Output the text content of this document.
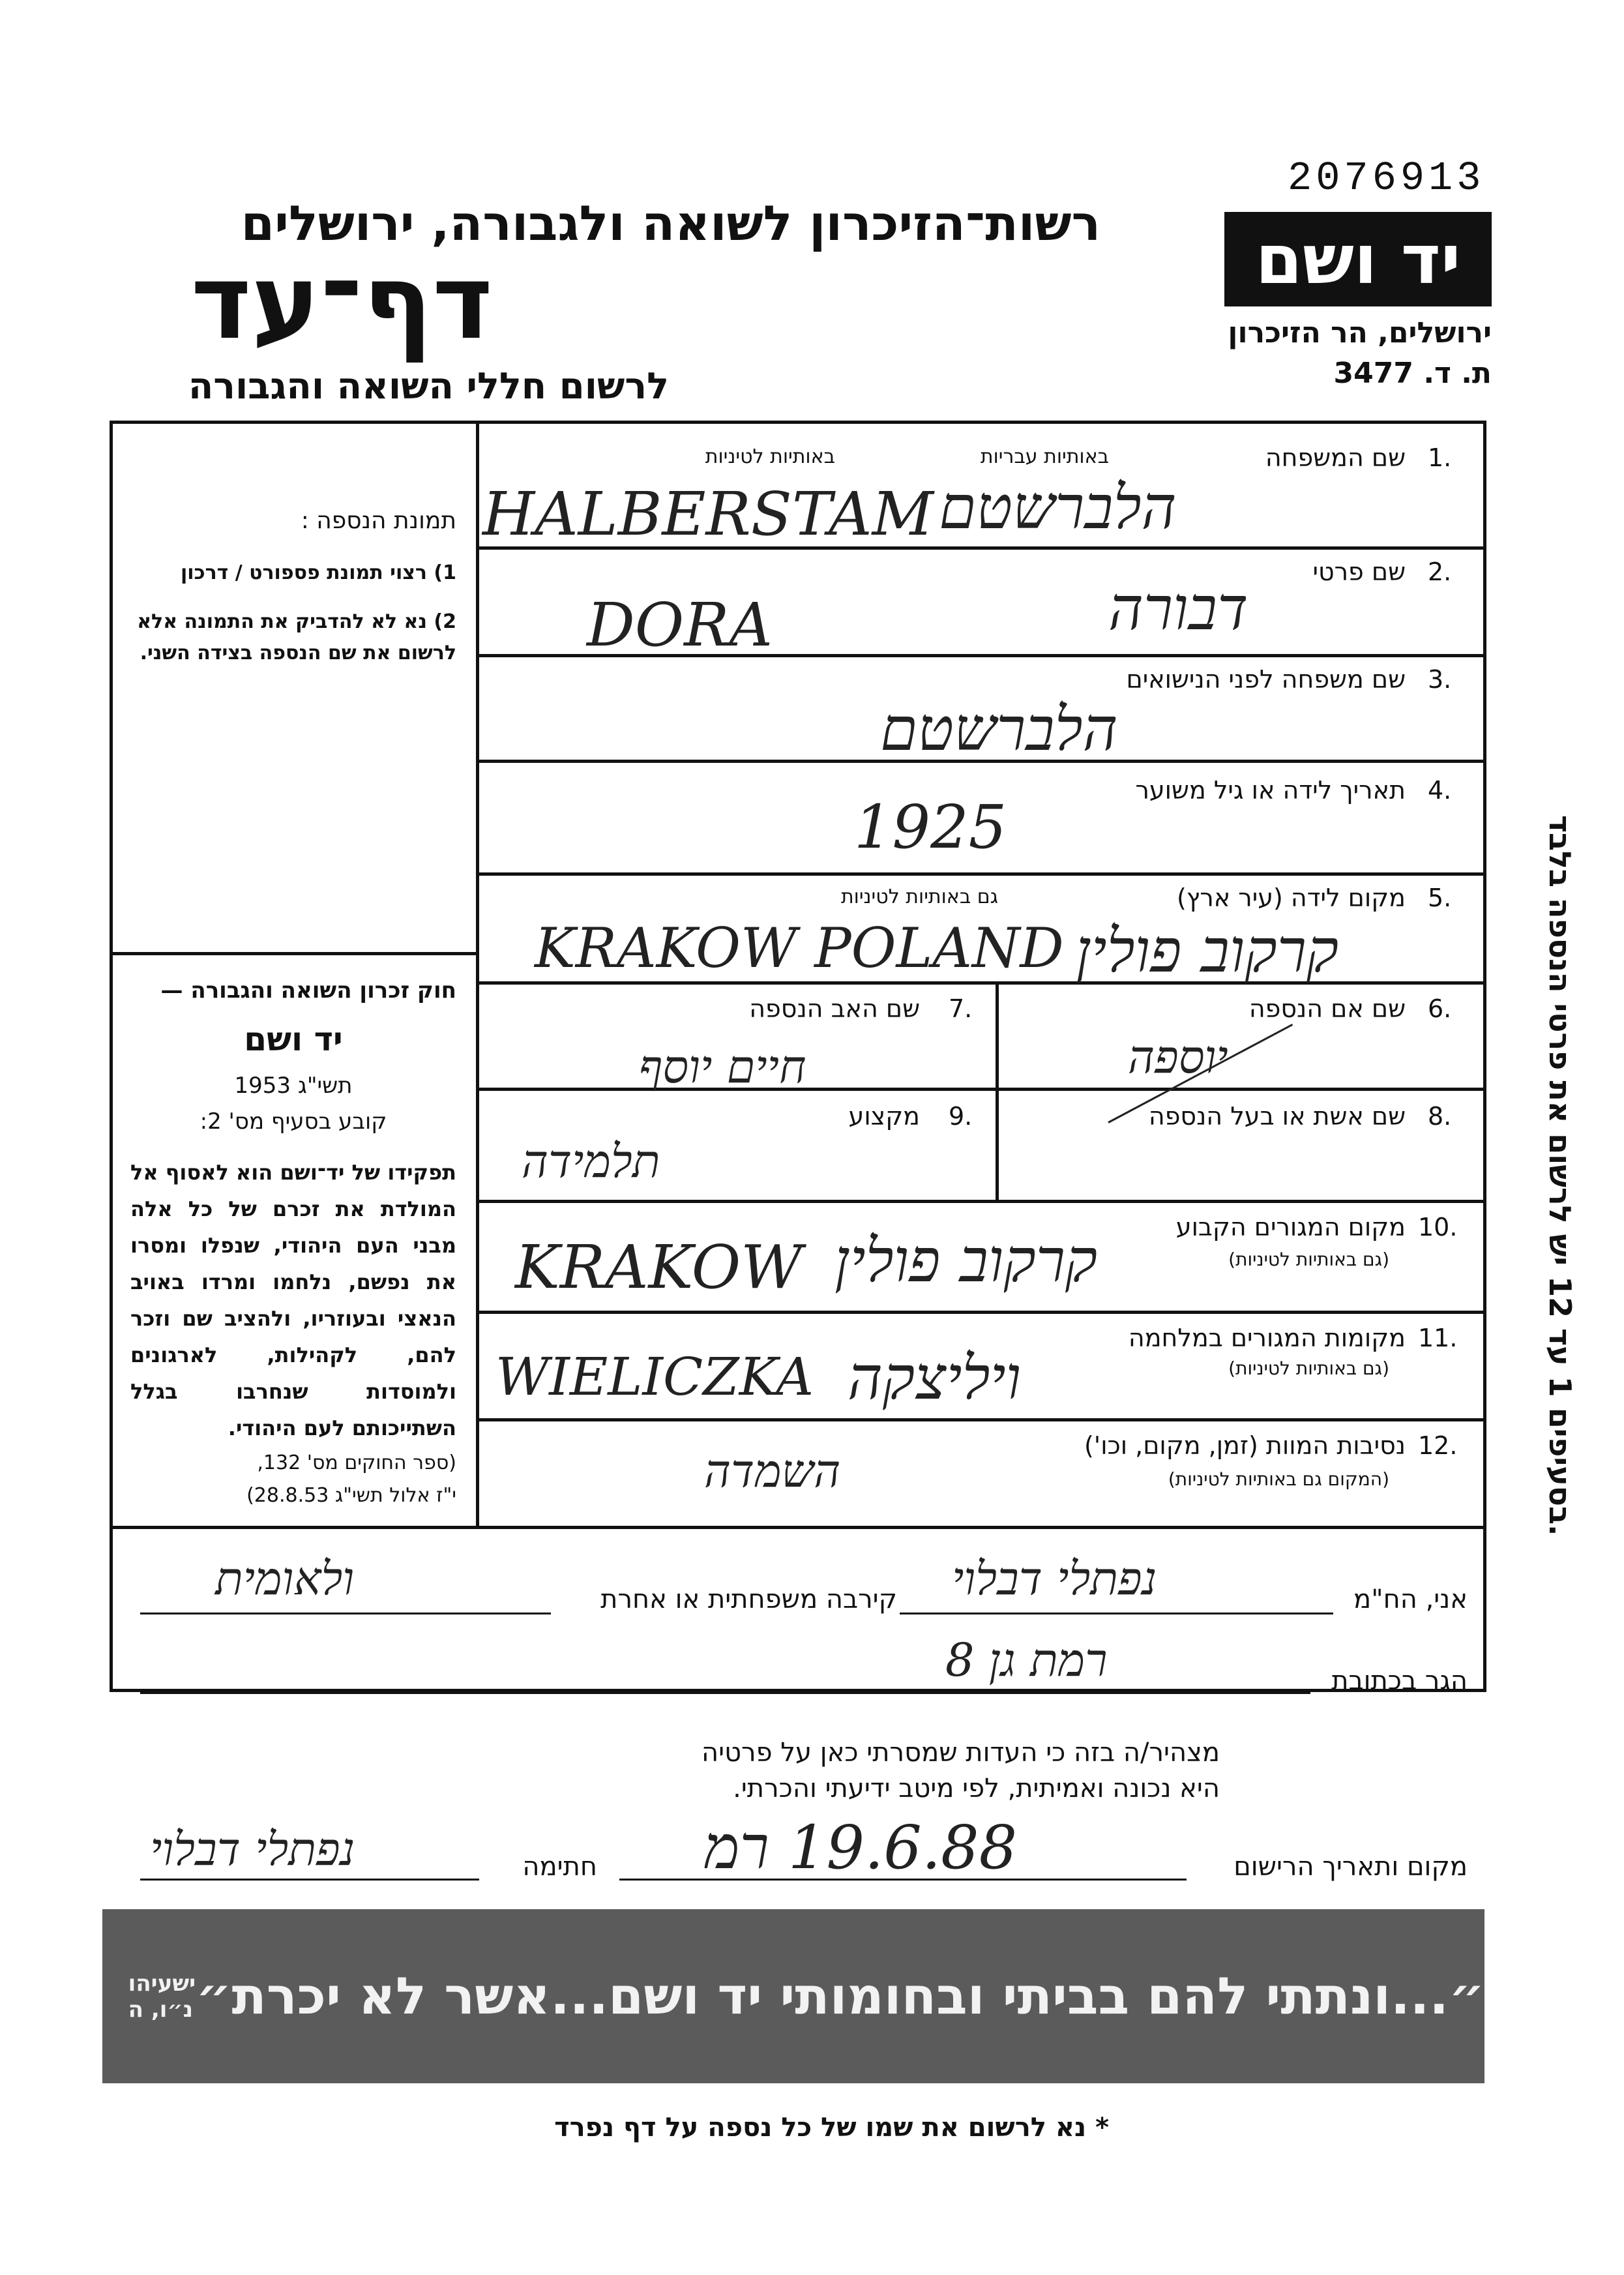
2076913
רשות־הזיכרון לשואה ולגבורה, ירושלים
דף־עד
לרשום חללי השואה והגבורה
יד ושם
ירושלים, הר הזיכרון
ת. ד. 3477
תמונת הנספה :
1) רצוי תמונת פספורט / דרכון
2) נא לא להדביק את התמונה אלא לרשום את שם הנספה בצידה השני.
חוק זכרון השואה והגבורה —
יד ושם
תשי"ג 1953
קובע בסעיף מס' 2:
תפקידו של יד־ושם הוא לאסוף אל המולדת את זכרם של כל אלה מבני העם היהודי, שנפלו ומסרו את נפשם, נלחמו ומרדו באויב הנאצי ובעוזריו, ולהציב שם וזכר להם, לקהילות, לארגונים ולמוסדות שנחרבו בגלל השתייכותם לעם היהודי.
(ספר החוקים מס' 132,
י"ז אלול תשי"ג 28.8.53)
1.
שם המשפחה
באותיות עבריות
באותיות לטיניות
HALBERSTAM הלברשטם
2.
שם פרטי
DORA	דבורה
3.
שם משפחה לפני הנישואים
הלברשטם
4.
תאריך לידה או גיל משוער
1925
5.
מקום לידה (עיר ארץ)
גם באותיות לטיניות
KRAKOW POLAND קרקוב פולין
6.
שם אם הנספה
יוספה
7.
שם האב הנספה
חיים יוסף
8.
שם אשת או בעל הנספה
9.
מקצוע
תלמידה
10.
מקום המגורים הקבוע
(גם באותיות לטיניות)
KRAKOW קרקוב פולין
11.
מקומות המגורים במלחמה
(גם באותיות לטיניות)
WIELICZKA ויליצקה
12.
נסיבות המוות (זמן, מקום, וכו')
(המקום גם באותיות לטיניות)
השמדה
אני, הח"מ
נפתלי דבלוי
קירבה משפחתית או אחרת
ולאומית
הגר בכתובת
רמת גן 8
מצהיר/ה בזה כי העדות שמסרתי כאן על פרטיה
היא נכונה ואמיתית, לפי מיטב ידיעתי והכרתי.
מקום ותאריך הרישום
19.6.88 רמ
חתימה
נפתלי דבלוי
ישעיהו נ״ו, ה ״...ונתתי להם בביתי ובחומותי יד ושם...אשר לא יכרת״
* נא לרשום את שמו של כל נספה על דף נפרד
בסעיפים 1 עד 12 יש לרשום את פרטי הנספה בלבד.
